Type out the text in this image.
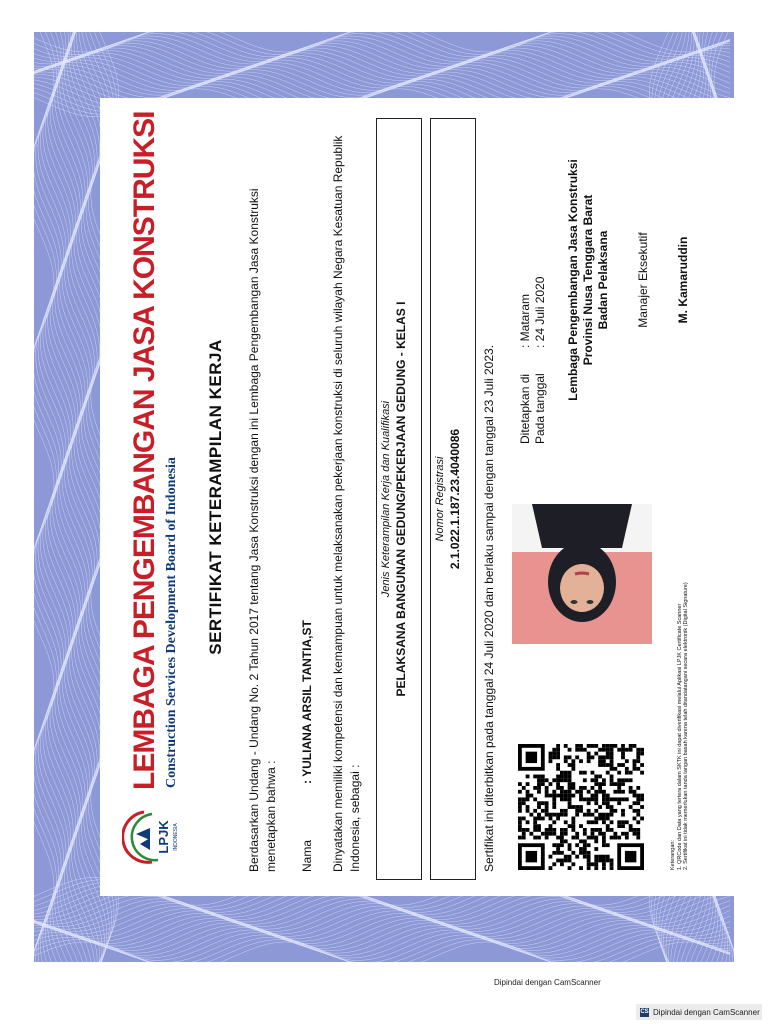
LPJK INDONESIA
LEMBAGA PENGEMBANGAN JASA KONSTRUKSI Construction Services Development Board of Indonesia SERTIFIKAT KETERAMPILAN KERJA Berdasarkan Undang - Undang No. 2 Tahun 2017 tentang Jasa Konstruksi dengan ini Lembaga Pengembangan Jasa Konstruksi menetapkan bahwa : Nama
: YULIANA ARSIL TANTIA,ST Dinyatakan memiliki kompetensi dan kemampuan untuk melaksanakan pekerjaan konstruksi di seluruh wilayah Negara Kesatuan Republik Indonesia, sebagai :
Jenis Keterampilan Kerja dan Kualifikasi PELAKSANA BANGUNAN GEDUNG/PEKERJAAN GEDUNG - KELAS I Nomor Registrasi 2.1.022.1.187.23.4040086 Sertifikat ini diterbitkan pada tanggal 24 Juli 2020 dan berlaku sampai dengan tanggal 23 Juli 2023. Ditetapkan di: Mataram
Pada tanggal: 24 Juli 2020 Lembaga Pengembangan Jasa Konstruksi Provinsi Nusa Tenggara Barat Badan Pelaksana Manajer Eksekutif M. Kamaruddin
Keterangan: 1. QRCode dan Data yang tertera dalam SKTK ini dapat diverifikasi melalui Aplikasi LPJK Certificate Scanner 2. Sertifikat ini tidak memerlukan tanda tangan basah karena telah ditandatangani secara elektronik (Digital Signature)
Dipindai dengan CamScanner
CS Dipindai dengan CamScanner
